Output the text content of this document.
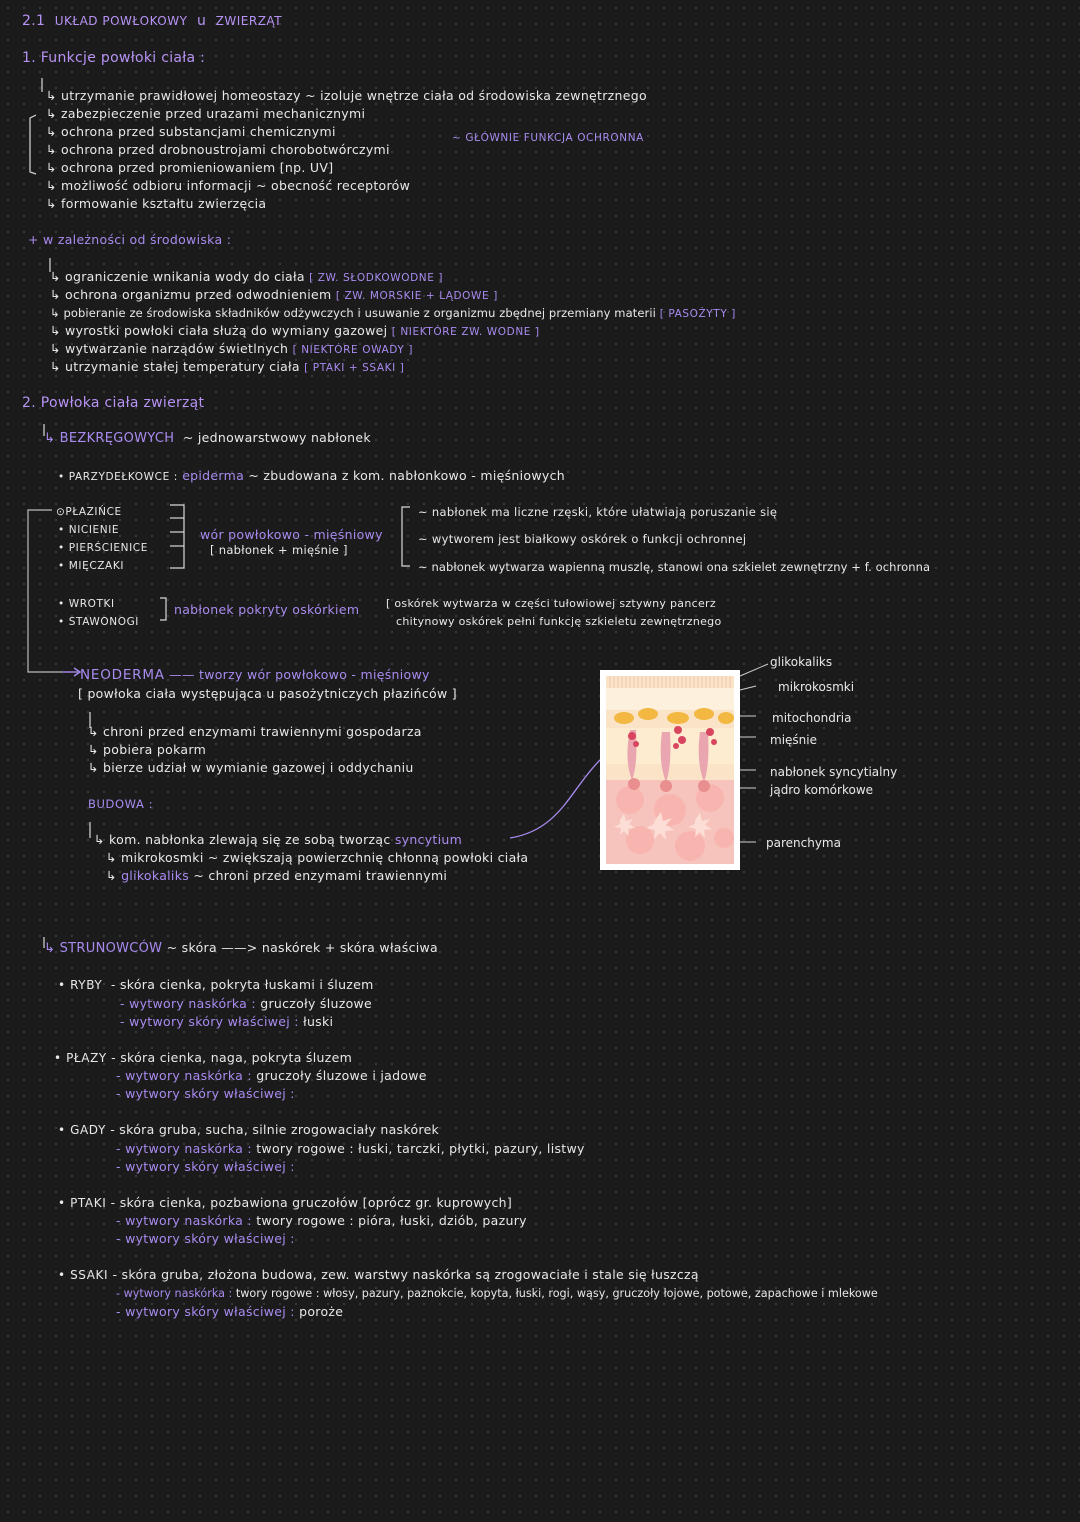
2.1 UKŁAD POWŁOKOWY u ZWIERZĄT
1. Funkcje powłoki ciała :
↳ utrzymanie prawidłowej homeostazy ~ izoluje wnętrze ciała od środowiska zewnętrznego
↳ zabezpieczenie przed urazami mechanicznymi
↳ ochrona przed substancjami chemicznymi
↳ ochrona przed drobnoustrojami chorobotwórczymi
↳ ochrona przed promieniowaniem [np. UV]
↳ możliwość odbioru informacji ~ obecność receptorów
↳ formowanie kształtu zwierzęcia
~ GŁÓWNIE FUNKCJA OCHRONNA
+ w zależności od środowiska :
↳ ograniczenie wnikania wody do ciała [ ZW. SŁODKOWODNE ]
↳ ochrona organizmu przed odwodnieniem [ ZW. MORSKIE + LĄDOWE ]
↳ pobieranie ze środowiska składników odżywczych i usuwanie z organizmu zbędnej przemiany materii [ PASOŻYTY ]
↳ wyrostki powłoki ciała służą do wymiany gazowej [ NIEKTÓRE ZW. WODNE ]
↳ wytwarzanie narządów świetlnych [ NIEKTÓRE OWADY ]
↳ utrzymanie stałej temperatury ciała [ PTAKI + SSAKI ]
2. Powłoka ciała zwierząt
↳ BEZKRĘGOWYCH ~ jednowarstwowy nabłonek
• PARZYDEŁKOWCE : epiderma ~ zbudowana z kom. nabłonkowo - mięśniowych
⊙PŁAZIŃCE
• NICIENIE
• PIERŚCIENICE
• MIĘCZAKI
wór powłokowo - mięśniowy
[ nabłonek + mięśnie ]
~ nabłonek ma liczne rzęski, które ułatwiają poruszanie się
~ wytworem jest białkowy oskórek o funkcji ochronnej
~ nabłonek wytwarza wapienną muszlę, stanowi ona szkielet zewnętrzny + f. ochronna
• WROTKI
• STAWONOGI
nabłonek pokryty oskórkiem [ oskórek wytwarza w części tułowiowej sztywny pancerz
chitynowy oskórek pełni funkcję szkieletu zewnętrznego
NEODERMA —— tworzy wór powłokowo - mięśniowy
[ powłoka ciała występująca u pasożytniczych płazińców ]
↳ chroni przed enzymami trawiennymi gospodarza
↳ pobiera pokarm
↳ bierze udział w wymianie gazowej i oddychaniu
BUDOWA :
↳ kom. nabłonka zlewają się ze sobą tworząc syncytium
↳ mikrokosmki ~ zwiększają powierzchnię chłonną powłoki ciała
↳ glikokaliks ~ chroni przed enzymami trawiennymi
glikokaliks
mikrokosmki
mitochondria
mięśnie
nabłonek syncytialny
jądro komórkowe
parenchyma
↳ STRUNOWCÓW ~ skóra ——> naskórek + skóra właściwa
• RYBY - skóra cienka, pokryta łuskami i śluzem
- wytwory naskórka : gruczoły śluzowe
- wytwory skóry właściwej : łuski
• PŁAZY - skóra cienka, naga, pokryta śluzem
- wytwory naskórka : gruczoły śluzowe i jadowe
- wytwory skóry właściwej :
• GADY - skóra gruba, sucha, silnie zrogowaciały naskórek
- wytwory naskórka : twory rogowe : łuski, tarczki, płytki, pazury, listwy
- wytwory skóry właściwej :
• PTAKI - skóra cienka, pozbawiona gruczołów [oprócz gr. kuprowych]
- wytwory naskórka : twory rogowe : pióra, łuski, dziób, pazury
- wytwory skóry właściwej :
• SSAKI - skóra gruba, złożona budowa, zew. warstwy naskórka są zrogowaciałe i stale się łuszczą
- wytwory naskórka : twory rogowe : włosy, pazury, paznokcie, kopyta, łuski, rogi, wąsy, gruczoły łojowe, potowe, zapachowe i mlekowe
- wytwory skóry właściwej : poroże
